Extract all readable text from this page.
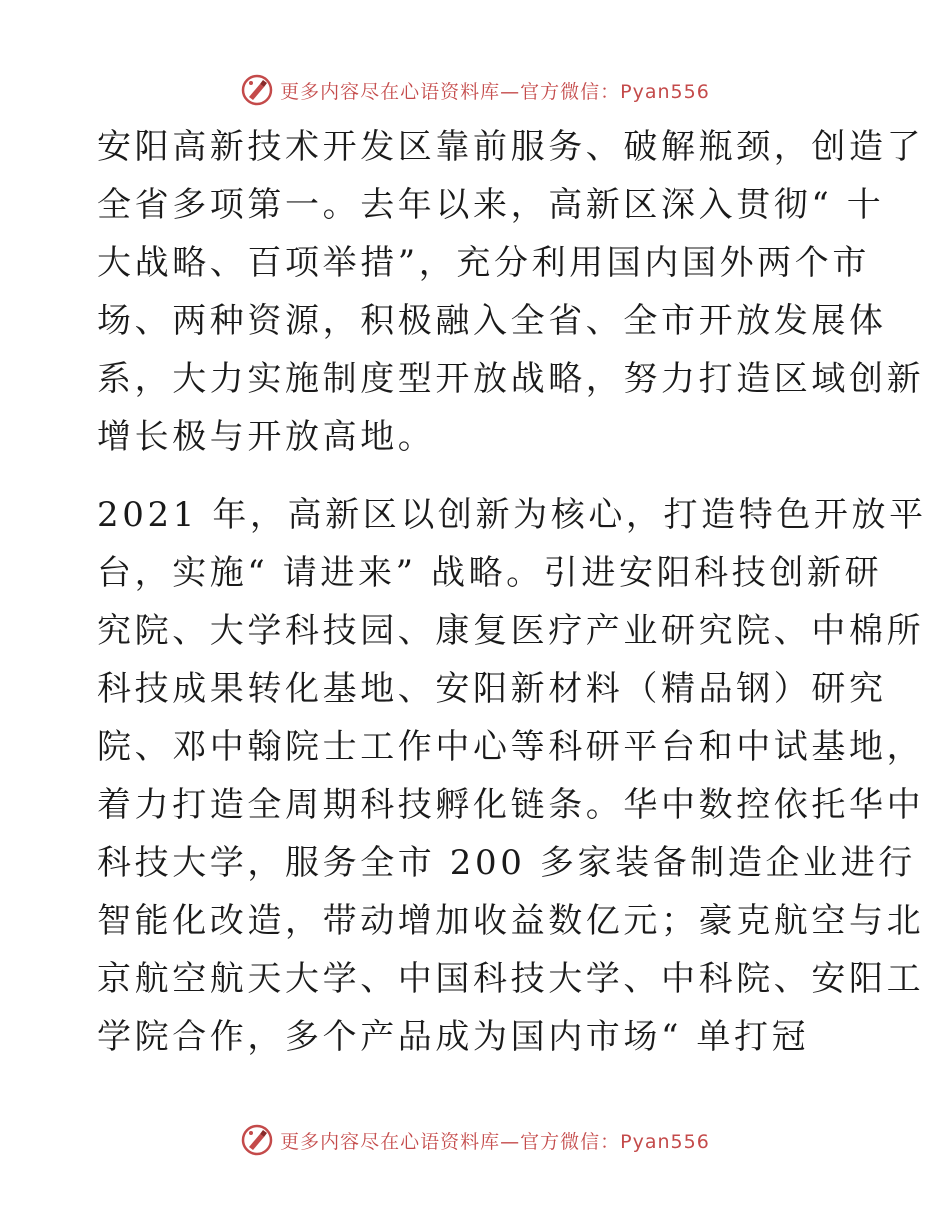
更多内容尽在心语资料库—官方微信：Pyan556
安阳高新技术开发区靠前服务、破解瓶颈，创造了
全省多项第一。去年以来，高新区深入贯彻“ 十
大战略、百项举措”，充分利用国内国外两个市
场、两种资源，积极融入全省、全市开放发展体
系，大力实施制度型开放战略，努力打造区域创新
增长极与开放高地。
2021 年，高新区以创新为核心，打造特色开放平
台，实施“ 请进来” 战略。引进安阳科技创新研
究院、大学科技园、康复医疗产业研究院、中棉所
科技成果转化基地、安阳新材料（精品钢）研究
院、邓中翰院士工作中心等科研平台和中试基地，
着力打造全周期科技孵化链条。华中数控依托华中
科技大学，服务全市 200 多家装备制造企业进行
智能化改造，带动增加收益数亿元；豪克航空与北
京航空航天大学、中国科技大学、中科院、安阳工
学院合作，多个产品成为国内市场“ 单打冠
更多内容尽在心语资料库—官方微信：Pyan556
